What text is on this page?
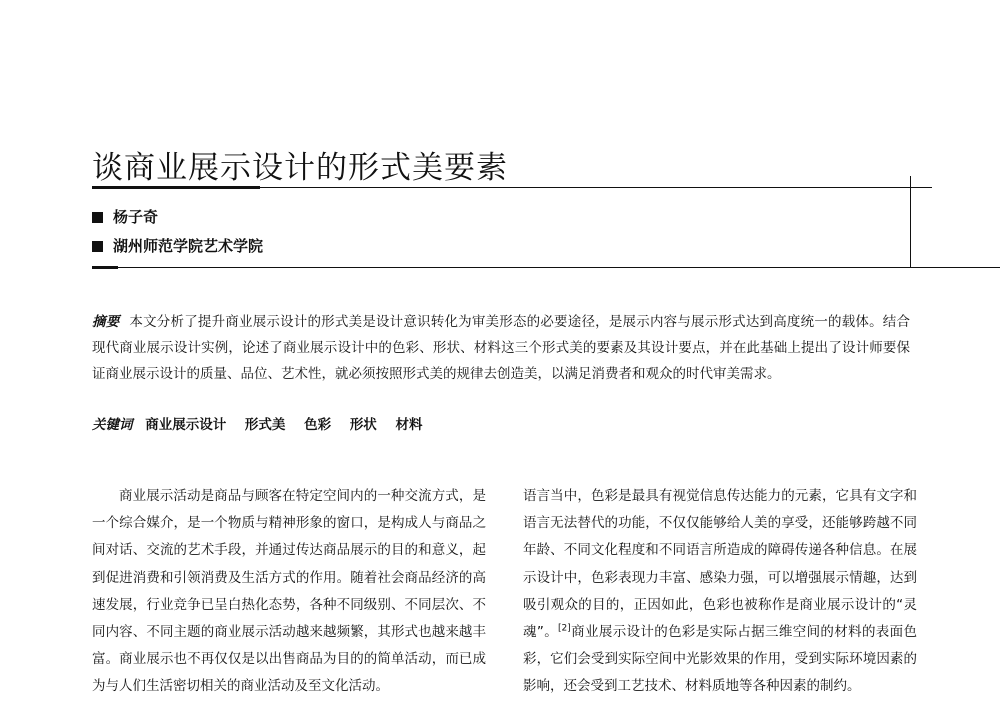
谈商业展示设计的形式美要素
杨子奇
湖州师范学院艺术学院
摘要 本文分析了提升商业展示设计的形式美是设计意识转化为审美形态的必要途径，是展示内容与展示形式达到高度统一的载体。结合现代商业展示设计实例，论述了商业展示设计中的色彩、形状、材料这三个形式美的要素及其设计要点，并在此基础上提出了设计师要保证商业展示设计的质量、品位、艺术性，就必须按照形式美的规律去创造美，以满足消费者和观众的时代审美需求。
关键词 商业展示设计 形式美 色彩 形状 材料
商业展示活动是商品与顾客在特定空间内的一种交流方式，是一个综合媒介，是一个物质与精神形象的窗口，是构成人与商品之间对话、交流的艺术手段，并通过传达商品展示的目的和意义，起到促进消费和引领消费及生活方式的作用。随着社会商品经济的高速发展，行业竞争已呈白热化态势，各种不同级别、不同层次、不同内容、不同主题的商业展示活动越来越频繁，其形式也越来越丰富。商业展示也不再仅仅是以出售商品为目的的简单活动，而已成为与人们生活密切相关的商业活动及至文化活动。
语言当中，色彩是最具有视觉信息传达能力的元素，它具有文字和语言无法替代的功能，不仅仅能够给人美的享受，还能够跨越不同年龄、不同文化程度和不同语言所造成的障碍传递各种信息。在展示设计中，色彩表现力丰富、感染力强，可以增强展示情趣，达到吸引观众的目的，正因如此，色彩也被称作是商业展示设计的“灵魂”。[2]商业展示设计的色彩是实际占据三维空间的材料的表面色彩，它们会受到实际空间中光影效果的作用，受到实际环境因素的影响，还会受到工艺技术、材料质地等各种因素的制约。
